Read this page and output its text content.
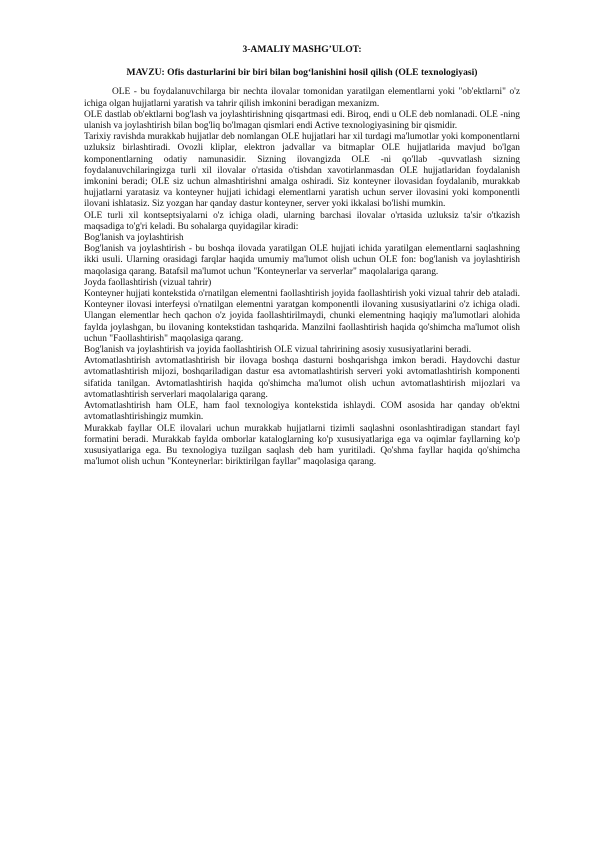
3-AMALIY MASHG’ULOT:
MAVZU: Ofis dasturlarini bir biri bilan bog‘lanishini hosil qilish (OLE texnologiyasi)

OLE - bu foydalanuvchilarga bir nechta ilovalar tomonidan yaratilgan elementlarni yoki "ob'ektlarni" o'z ichiga olgan hujjatlarni yaratish va tahrir qilish imkonini beradigan mexanizm.

OLE dastlab ob'ektlarni bog'lash va joylashtirishning qisqartmasi edi. Biroq, endi u OLE deb nomlanadi. OLE -ning ulanish va joylashtirish bilan bog'liq bo'lmagan qismlari endi Active texnologiyasining bir qismidir.

Tarixiy ravishda murakkab hujjatlar deb nomlangan OLE hujjatlari har xil turdagi ma'lumotlar yoki komponentlarni uzluksiz birlashtiradi. Ovozli kliplar, elektron jadvallar va bitmaplar OLE hujjatlarida mavjud bo'lgan komponentlarning odatiy namunasidir. Sizning ilovangizda OLE -ni qo'llab -quvvatlash sizning foydalanuvchilaringizga turli xil ilovalar o'rtasida o'tishdan xavotirlanmasdan OLE hujjatlaridan foydalanish imkonini beradi; OLE siz uchun almashtirishni amalga oshiradi. Siz konteyner ilovasidan foydalanib, murakkab hujjatlarni yaratasiz va konteyner hujjati ichidagi elementlarni yaratish uchun server ilovasini yoki komponentli ilovani ishlatasiz. Siz yozgan har qanday dastur konteyner, server yoki ikkalasi bo'lishi mumkin.

OLE turli xil kontseptsiyalarni o'z ichiga oladi, ularning barchasi ilovalar o'rtasida uzluksiz ta'sir o'tkazish maqsadiga to'g'ri keladi. Bu sohalarga quyidagilar kiradi:

Bog'lanish va joylashtirish

Bog'lanish va joylashtirish - bu boshqa ilovada yaratilgan OLE hujjati ichida yaratilgan elementlarni saqlashning ikki usuli. Ularning orasidagi farqlar haqida umumiy ma'lumot olish uchun OLE fon: bog'lanish va joylashtirish maqolasiga qarang. Batafsil ma'lumot uchun "Konteynerlar va serverlar" maqolalariga qarang.

Joyda faollashtirish (vizual tahrir)

Konteyner hujjati kontekstida o'rnatilgan elementni faollashtirish joyida faollashtirish yoki vizual tahrir deb ataladi. Konteyner ilovasi interfeysi o'rnatilgan elementni yaratgan komponentli ilovaning xususiyatlarini o'z ichiga oladi. Ulangan elementlar hech qachon o'z joyida faollashtirilmaydi, chunki elementning haqiqiy ma'lumotlari alohida faylda joylashgan, bu ilovaning kontekstidan tashqarida. Manzilni faollashtirish haqida qo'shimcha ma'lumot olish uchun "Faollashtirish" maqolasiga qarang.

Bog'lanish va joylashtirish va joyida faollashtirish OLE vizual tahririning asosiy xususiyatlarini beradi.

Avtomatlashtirish avtomatlashtirish bir ilovaga boshqa dasturni boshqarishga imkon beradi. Haydovchi dastur avtomatlashtirish mijozi, boshqariladigan dastur esa avtomatlashtirish serveri yoki avtomatlashtirish komponenti sifatida tanilgan. Avtomatlashtirish haqida qo'shimcha ma'lumot olish uchun avtomatlashtirish mijozlari va avtomatlashtirish serverlari maqolalariga qarang.

Avtomatlashtirish ham OLE, ham faol texnologiya kontekstida ishlaydi. COM asosida har qanday ob'ektni avtomatlashtirishingiz mumkin.

Murakkab fayllar OLE ilovalari uchun murakkab hujjatlarni tizimli saqlashni osonlashtiradigan standart fayl formatini beradi. Murakkab faylda omborlar kataloglarning ko'p xususiyatlariga ega va oqimlar fayllarning ko'p xususiyatlariga ega. Bu texnologiya tuzilgan saqlash deb ham yuritiladi. Qo'shma fayllar haqida qo'shimcha ma'lumot olish uchun "Konteynerlar: biriktirilgan fayllar" maqolasiga qarang.
